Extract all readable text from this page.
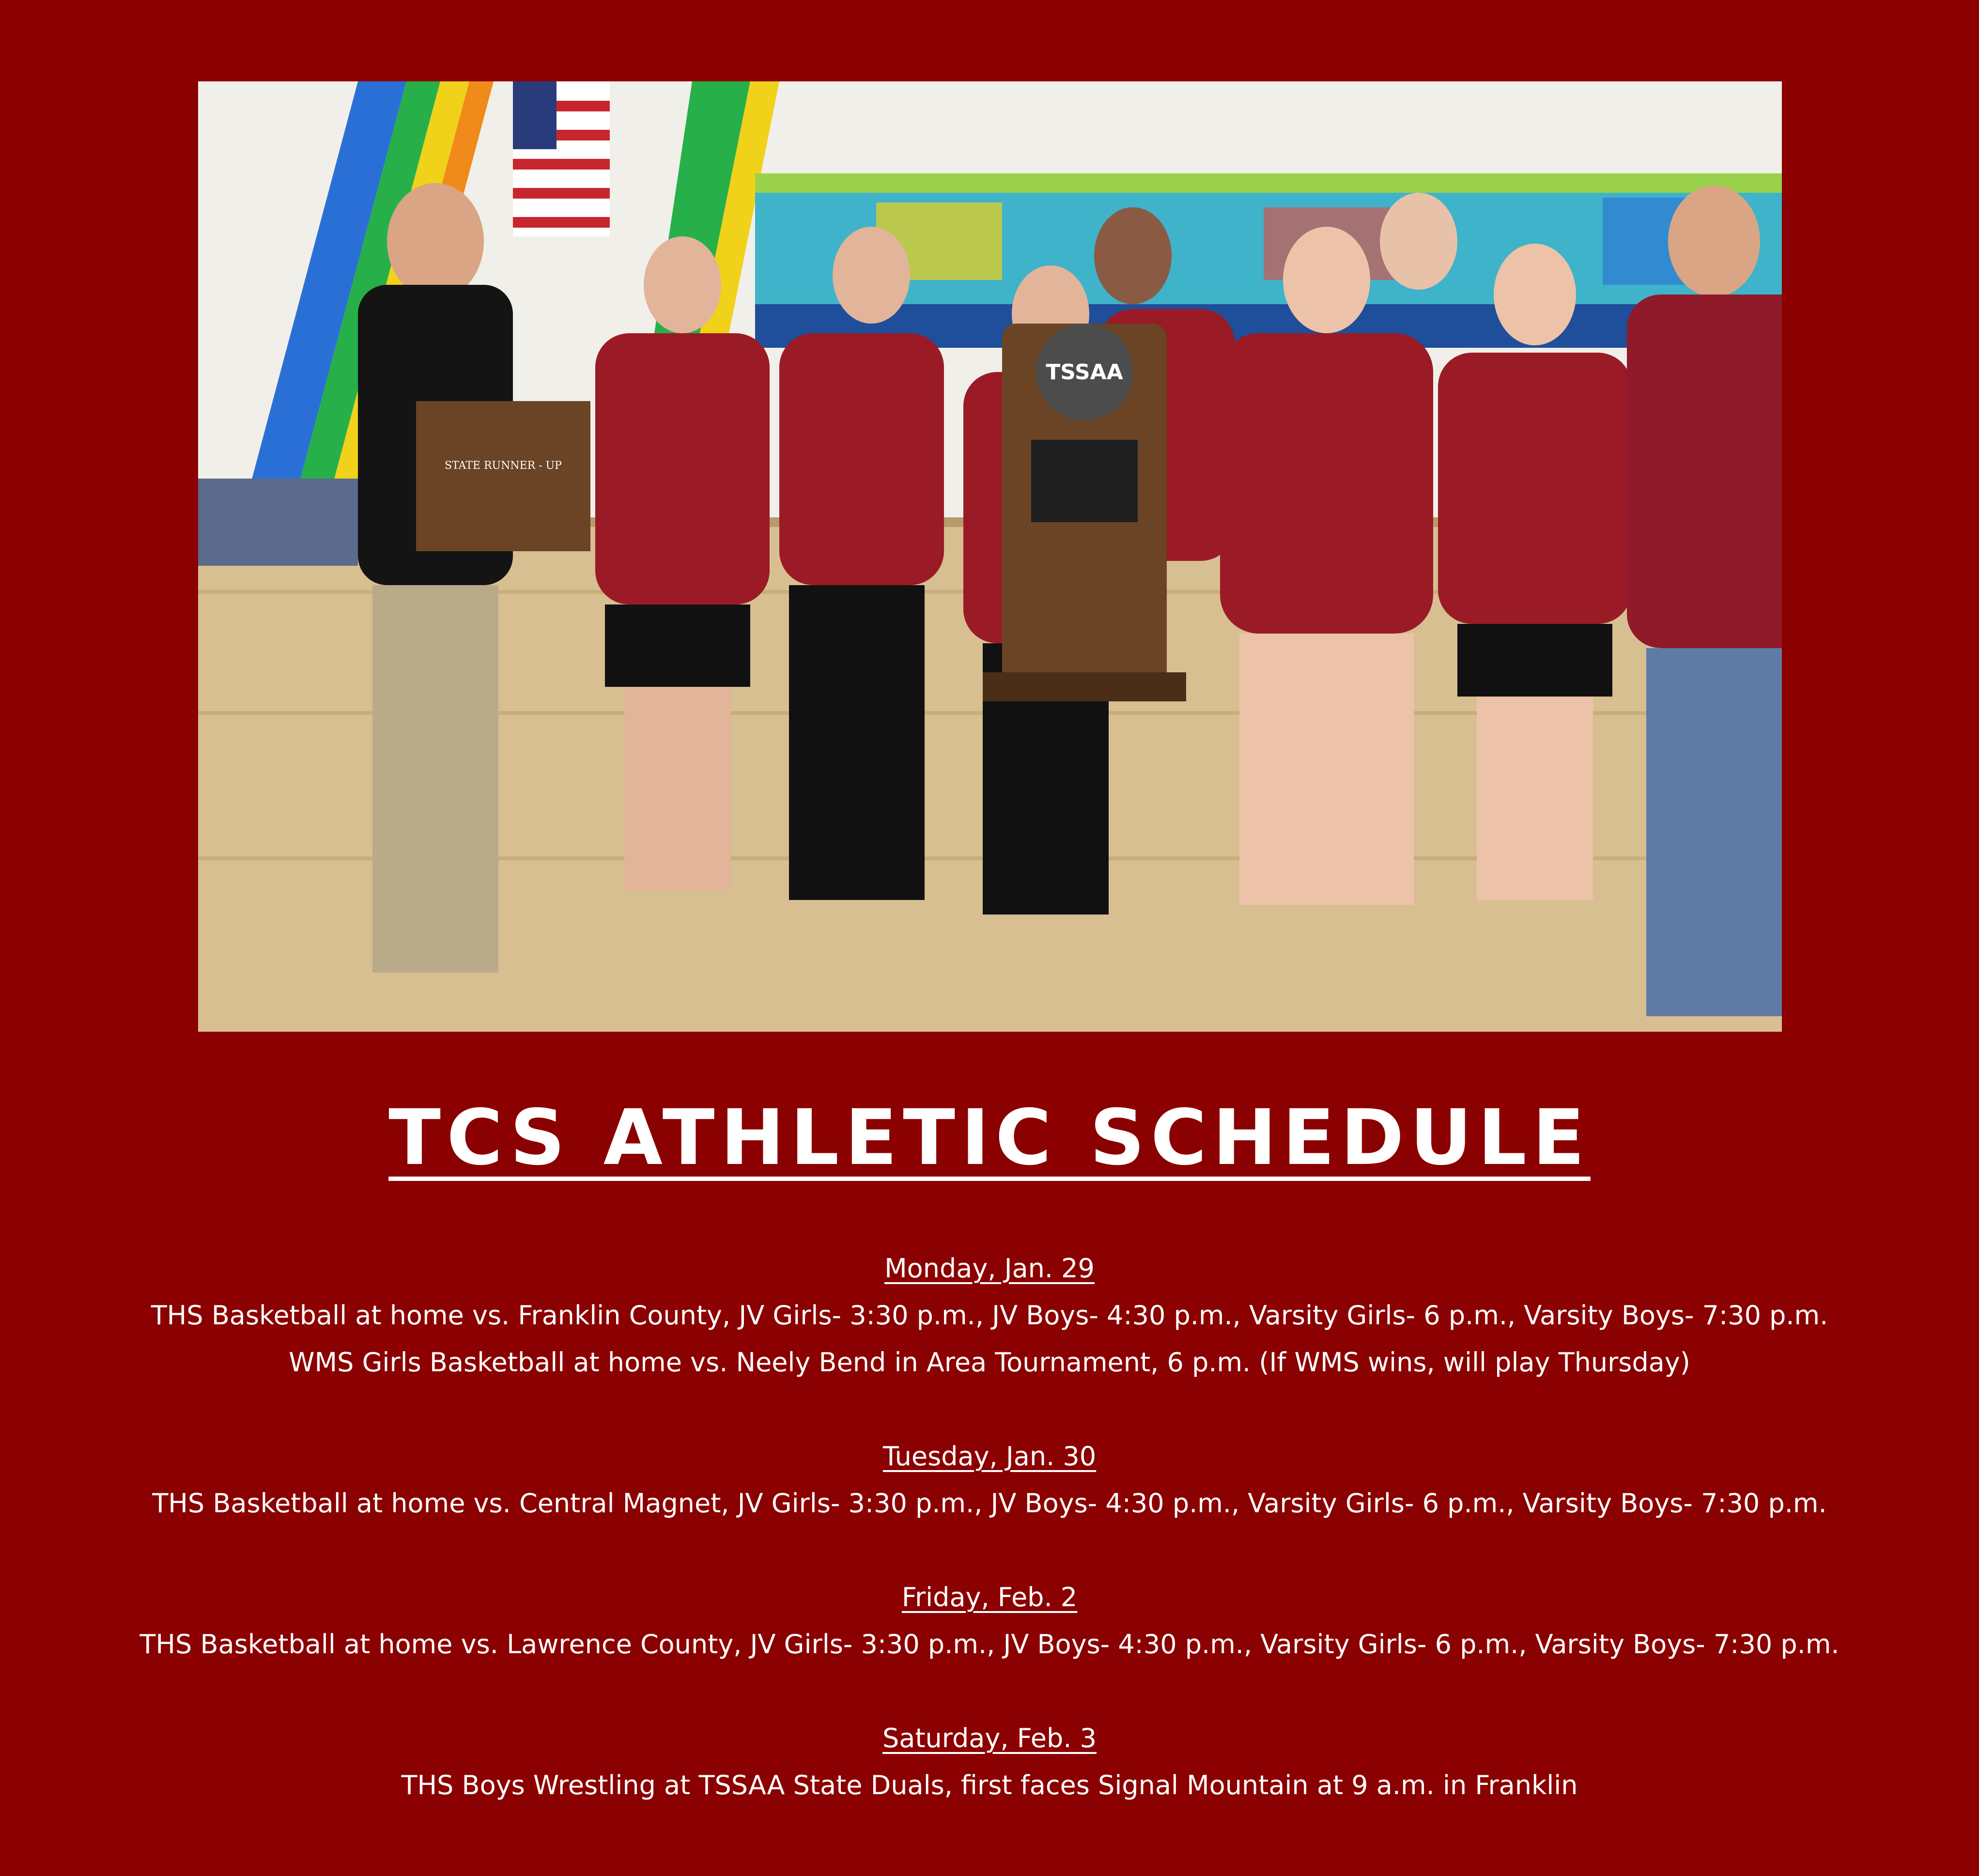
STATE RUNNER - UP
TSSAA
TCS ATHLETIC SCHEDULE
Monday, Jan. 29
THS Basketball at home vs. Franklin County, JV Girls- 3:30 p.m., JV Boys- 4:30 p.m., Varsity Girls- 6 p.m., Varsity Boys- 7:30 p.m.
WMS Girls Basketball at home vs. Neely Bend in Area Tournament, 6 p.m. (If WMS wins, will play Thursday)
Tuesday, Jan. 30
THS Basketball at home vs. Central Magnet, JV Girls- 3:30 p.m., JV Boys- 4:30 p.m., Varsity Girls- 6 p.m., Varsity Boys- 7:30 p.m.
Friday, Feb. 2
THS Basketball at home vs. Lawrence County, JV Girls- 3:30 p.m., JV Boys- 4:30 p.m., Varsity Girls- 6 p.m., Varsity Boys- 7:30 p.m.
Saturday, Feb. 3
THS Boys Wrestling at TSSAA State Duals, first faces Signal Mountain at 9 a.m. in Franklin
